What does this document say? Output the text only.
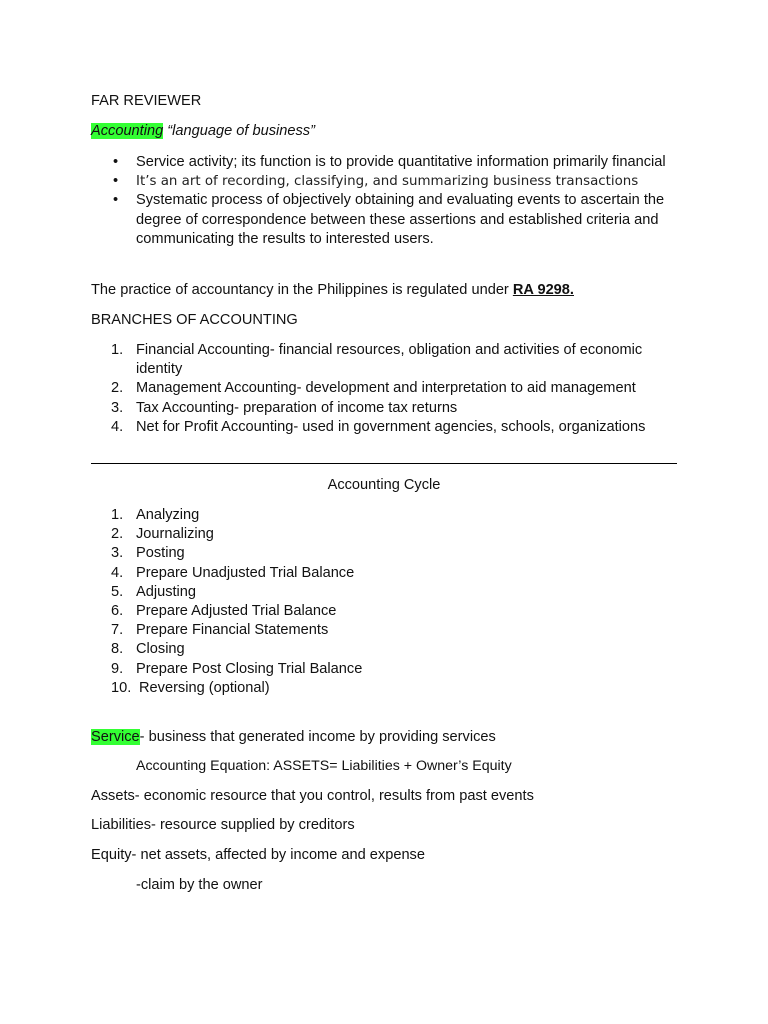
FAR REVIEWER
Accounting “language of business”
• Service activity; its function is to provide quantitative information primarily financial
• It’s an art of recording, classifying, and summarizing business transactions
• Systematic process of objectively obtaining and evaluating events to ascertain the degree of correspondence between these assertions and established criteria and communicating the results to interested users.
The practice of accountancy in the Philippines is regulated under RA 9298.
BRANCHES OF ACCOUNTING
1. Financial Accounting- financial resources, obligation and activities of economic identity
2. Management Accounting- development and interpretation to aid management
3. Tax Accounting- preparation of income tax returns
4. Net for Profit Accounting- used in government agencies, schools, organizations
Accounting Cycle
1. Analyzing
2. Journalizing
3. Posting
4. Prepare Unadjusted Trial Balance
5. Adjusting
6. Prepare Adjusted Trial Balance
7. Prepare Financial Statements
8. Closing
9. Prepare Post Closing Trial Balance
10. Reversing (optional)
Service- business that generated income by providing services
Accounting Equation: ASSETS= Liabilities + Owner’s Equity
Assets- economic resource that you control, results from past events
Liabilities- resource supplied by creditors
Equity- net assets, affected by income and expense
-claim by the owner
